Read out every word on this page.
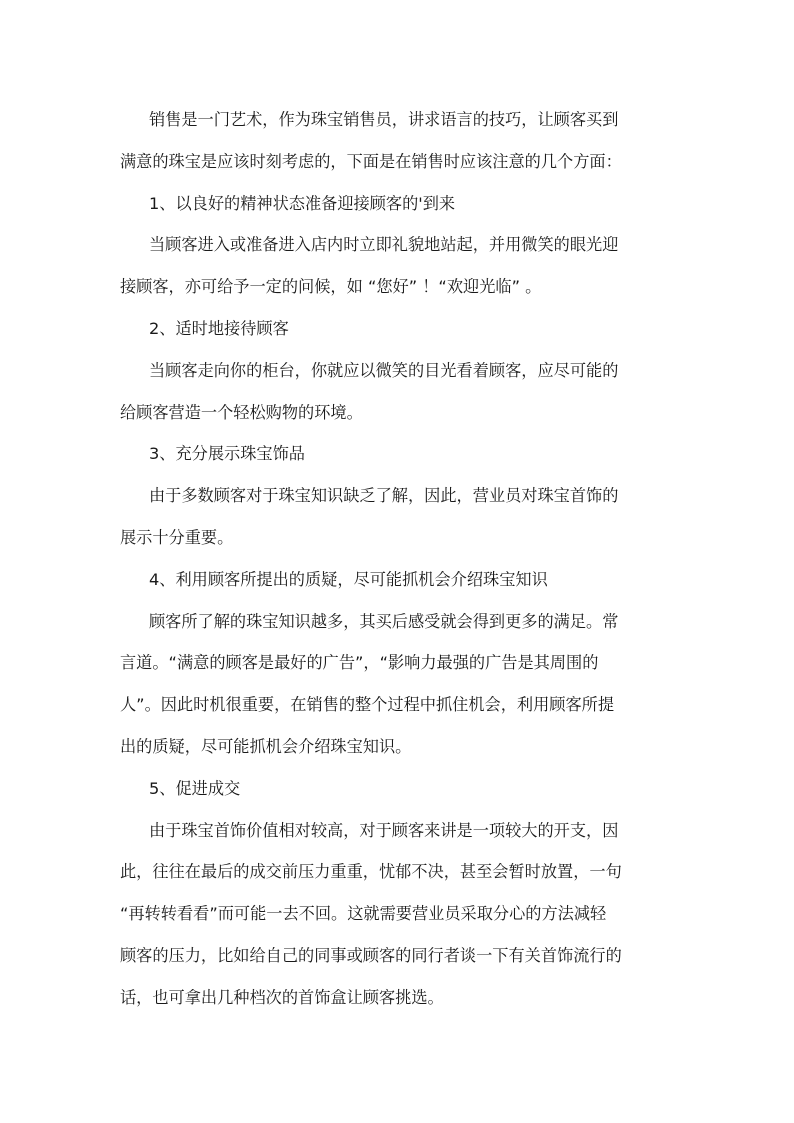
销售是一门艺术，作为珠宝销售员，讲求语言的技巧，让顾客买到
满意的珠宝是应该时刻考虑的，下面是在销售时应该注意的几个方面：
1、以良好的精神状态准备迎接顾客的'到来
当顾客进入或准备进入店内时立即礼貌地站起，并用微笑的眼光迎
接顾客，亦可给予一定的问候，如 “您好” ！“欢迎光临” 。
2、适时地接待顾客
当顾客走向你的柜台，你就应以微笑的目光看着顾客，应尽可能的
给顾客营造一个轻松购物的环境。
3、充分展示珠宝饰品
由于多数顾客对于珠宝知识缺乏了解，因此，营业员对珠宝首饰的
展示十分重要。
4、利用顾客所提出的质疑，尽可能抓机会介绍珠宝知识
顾客所了解的珠宝知识越多，其买后感受就会得到更多的满足。常
言道。“满意的顾客是最好的广告”，“影响力最强的广告是其周围的
人”。因此时机很重要，在销售的整个过程中抓住机会，利用顾客所提
出的质疑，尽可能抓机会介绍珠宝知识。
5、促进成交
由于珠宝首饰价值相对较高，对于顾客来讲是一项较大的开支，因
此，往往在最后的成交前压力重重，忧郁不决，甚至会暂时放置，一句
“再转转看看”而可能一去不回。这就需要营业员采取分心的方法减轻
顾客的压力，比如给自己的同事或顾客的同行者谈一下有关首饰流行的
话，也可拿出几种档次的首饰盒让顾客挑选。
